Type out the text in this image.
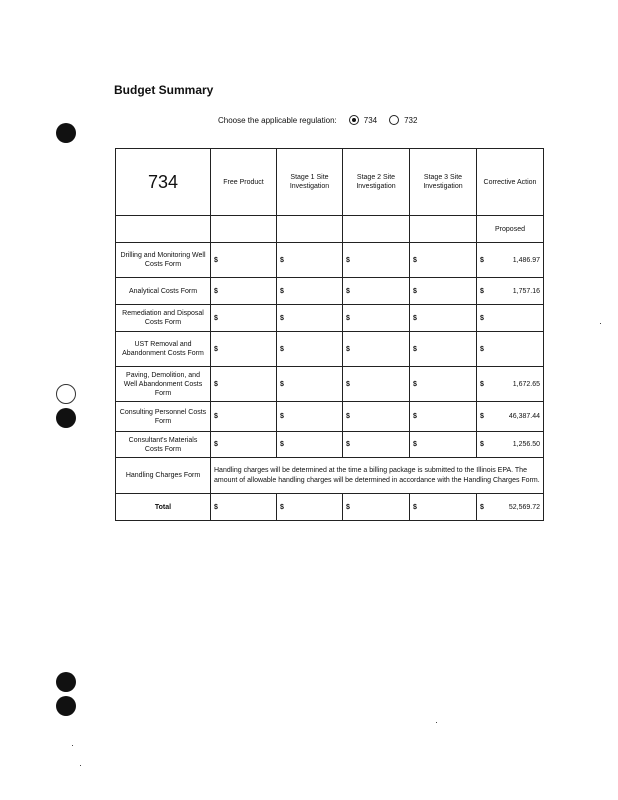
Budget Summary
Choose the applicable regulation:	734	732
734	Free Product	Stage 1 Site Investigation	Stage 2 Site Investigation	Stage 3 Site Investigation	Corrective Action
					Proposed
Drilling and Monitoring Well Costs Form	$	$	$	$	$ 1,486.97

Analytical Costs Form	$	$	$	$	$ 1,757.16

Remediation and Disposal Costs Form	$	$	$	$	$

UST Removal and Abandonment Costs Form	$	$	$	$	$

Paving, Demolition, and Well Abandonment Costs Form	$	$	$	$	$ 1,672.65

Consulting Personnel Costs Form	$	$	$	$	$ 46,387.44

Consultant's Materials Costs Form	$	$	$	$	$ 1,256.50

Handling Charges Form	Handling charges will be determined at the time a billing package is submitted to the Illinois EPA. The amount of allowable handling charges will be determined in accordance with the Handling Charges Form.				
Total	$	$	$	$	$ 52,569.72
